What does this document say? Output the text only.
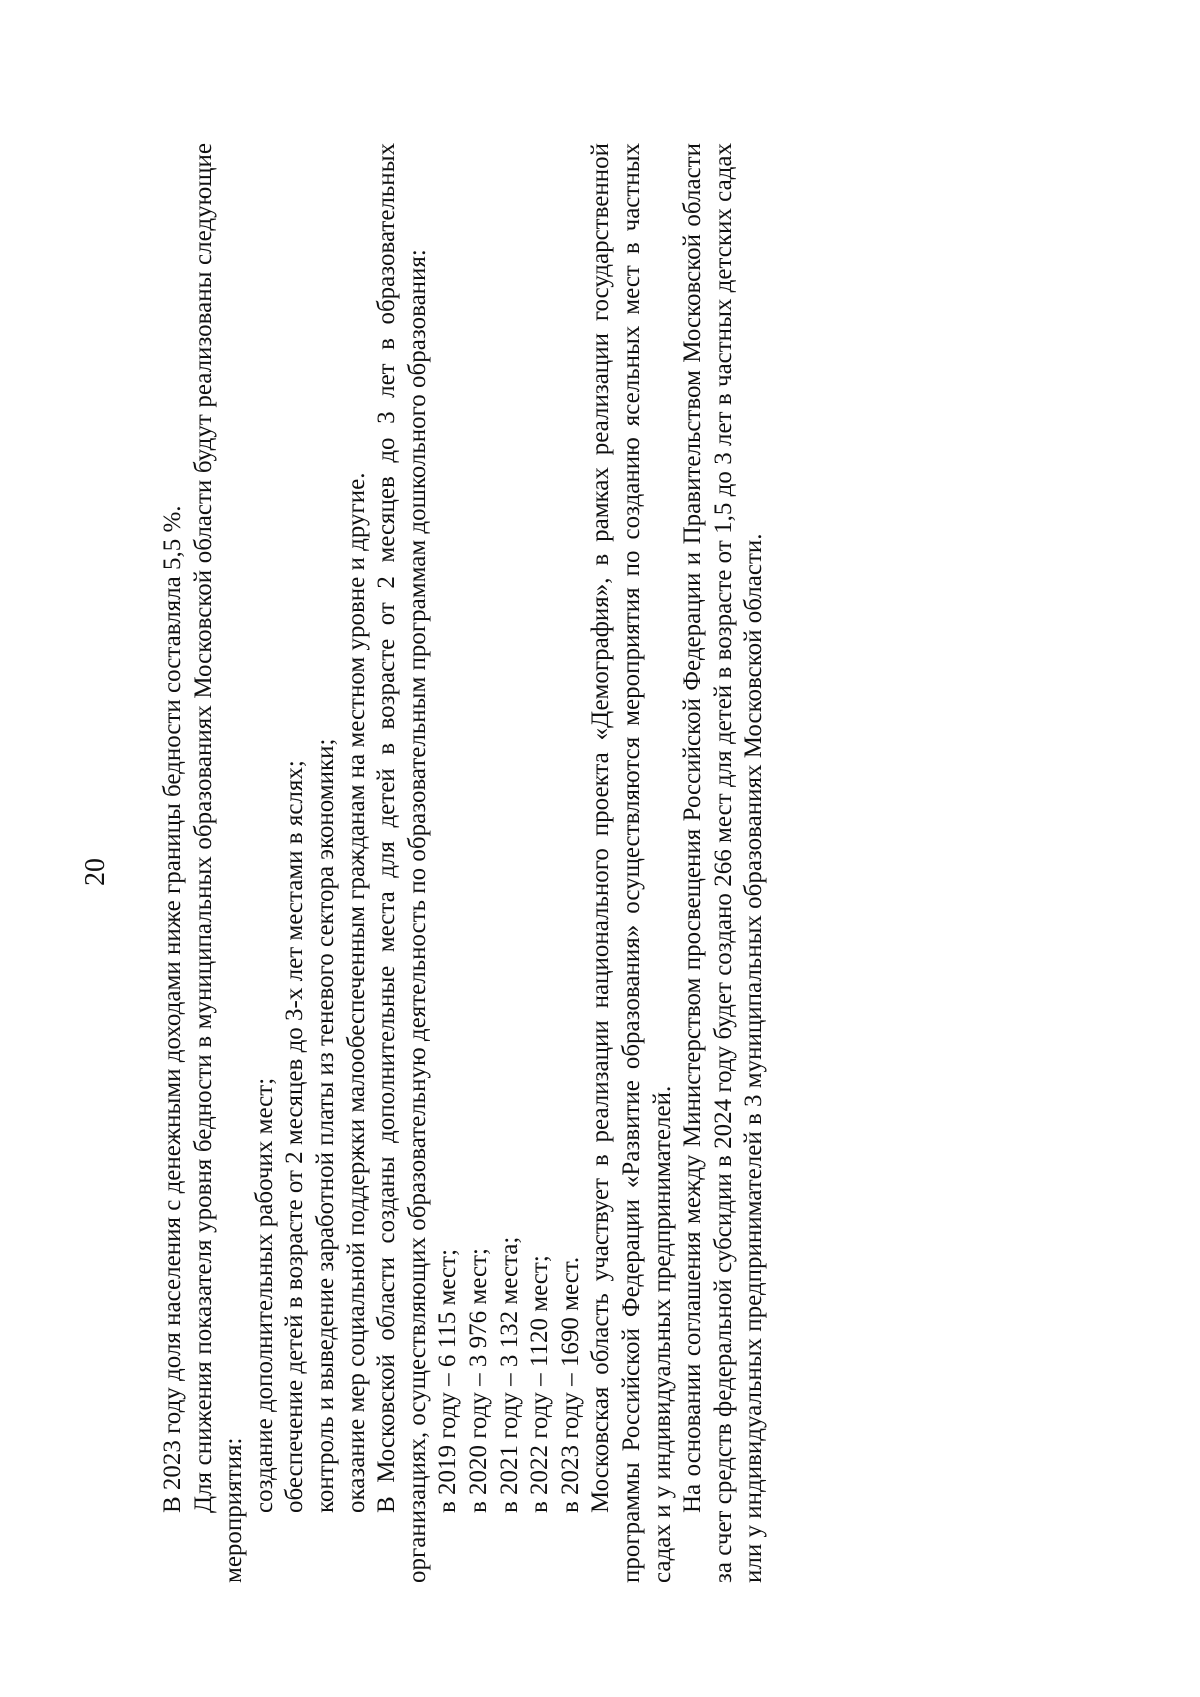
20 В 2023 году доля населения с денежными доходами ниже границы бедности составляла 5,5 %. Для снижения показателя уровня бедности в муниципальных образованиях Московской области будут реализованы следующие мероприятия: создание дополнительных рабочих мест; обеспечение детей в возрасте от 2 месяцев до 3-х лет местами в яслях; контроль и выведение заработной платы из теневого сектора экономики; оказание мер социальной поддержки малообеспеченным гражданам на местном уровне и другие. В Московской области созданы дополнительные места для детей в возрасте от 2 месяцев до 3 лет в образовательных организациях, осуществляющих образовательную деятельность по образовательным программам дошкольного образования: в 2019 году – 6 115 мест; в 2020 году – 3 976 мест; в 2021 году – 3 132 места; в 2022 году – 1120 мест; в 2023 году – 1690 мест. Московская область участвует в реализации национального проекта «Демография», в рамках реализации государственной программы Российской Федерации «Развитие образования» осуществляются мероприятия по созданию ясельных мест в частных садах и у индивидуальных предпринимателей. На основании соглашения между Министерством просвещения Российской Федерации и Правительством Московской области за счет средств федеральной субсидии в 2024 году будет создано 266 мест для детей в возрасте от 1,5 до 3 лет в частных детских садах или у индивидуальных предпринимателей в 3 муниципальных образованиях Московской области.
